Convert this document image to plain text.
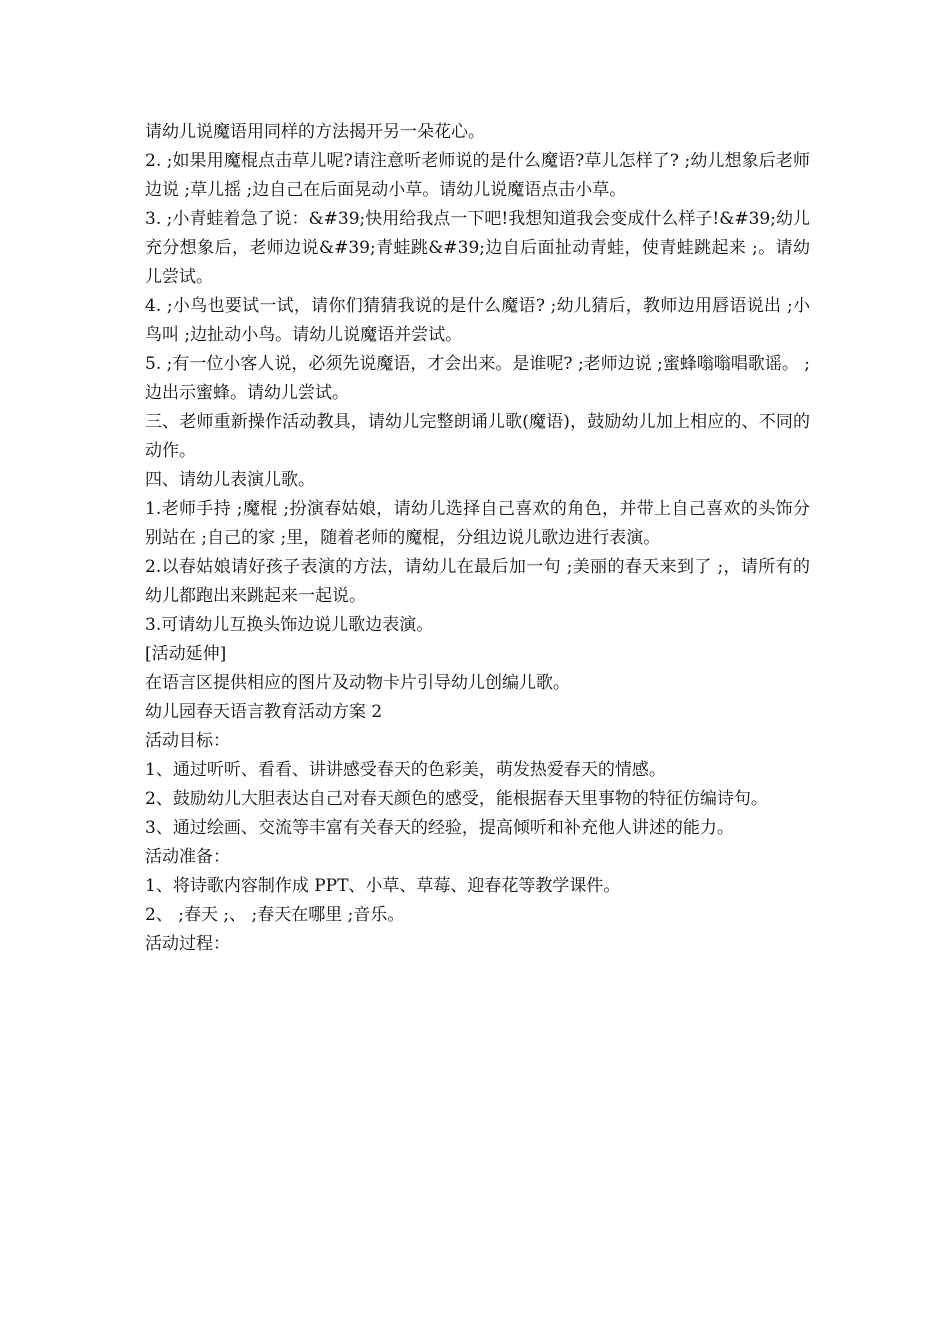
请幼儿说魔语用同样的方法揭开另一朵花心。

2. ;如果用魔棍点击草儿呢?请注意听老师说的是什么魔语?草儿怎样了? ;幼儿想象后老师边说 ;草儿摇 ;边自己在后面晃动小草。请幼儿说魔语点击小草。

3. ;小青蛙着急了说：&#39;快用给我点一下吧!我想知道我会变成什么样子!&#39;幼儿充分想象后，老师边说&#39;青蛙跳&#39;边自后面扯动青蛙，使青蛙跳起来 ;。请幼儿尝试。

4. ;小鸟也要试一试，请你们猜猜我说的是什么魔语? ;幼儿猜后，教师边用唇语说出 ;小鸟叫 ;边扯动小鸟。请幼儿说魔语并尝试。

5. ;有一位小客人说，必须先说魔语，才会出来。是谁呢? ;老师边说 ;蜜蜂嗡嗡唱歌谣。 ;边出示蜜蜂。请幼儿尝试。

三、老师重新操作活动教具，请幼儿完整朗诵儿歌(魔语)，鼓励幼儿加上相应的、不同的动作。

四、请幼儿表演儿歌。

1.老师手持 ;魔棍 ;扮演春姑娘，请幼儿选择自己喜欢的角色，并带上自己喜欢的头饰分别站在 ;自己的家 ;里，随着老师的魔棍，分组边说儿歌边进行表演。

2.以春姑娘请好孩子表演的方法，请幼儿在最后加一句 ;美丽的春天来到了 ;，请所有的幼儿都跑出来跳起来一起说。

3.可请幼儿互换头饰边说儿歌边表演。

[活动延伸]

在语言区提供相应的图片及动物卡片引导幼儿创编儿歌。

幼儿园春天语言教育活动方案 2

活动目标：

1、通过听听、看看、讲讲感受春天的色彩美，萌发热爱春天的情感。

2、鼓励幼儿大胆表达自己对春天颜色的感受，能根据春天里事物的特征仿编诗句。

3、通过绘画、交流等丰富有关春天的经验，提高倾听和补充他人讲述的能力。

活动准备：

1、将诗歌内容制作成 PPT、小草、草莓、迎春花等教学课件。

2、 ;春天 ;、 ;春天在哪里 ;音乐。

活动过程：
